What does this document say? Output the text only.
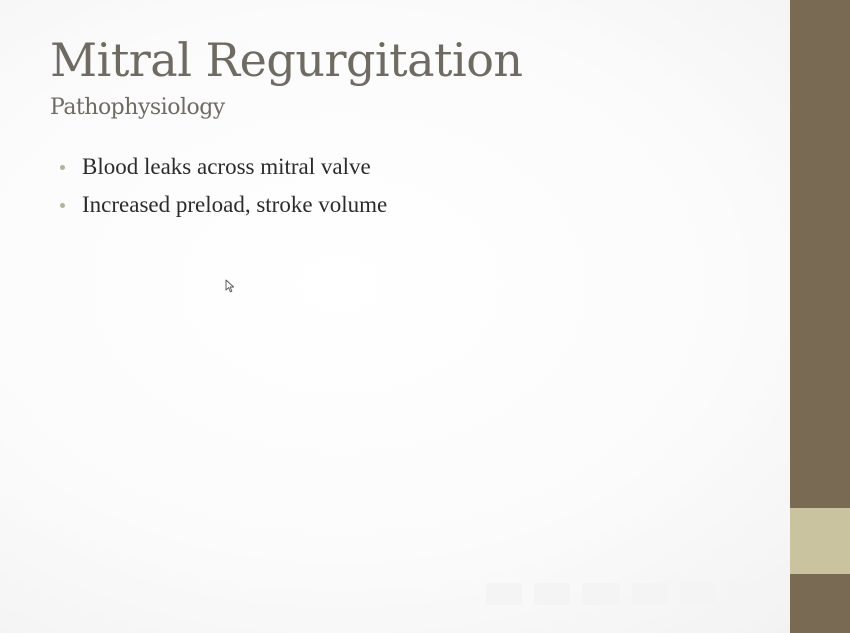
Mitral Regurgitation
Pathophysiology
Blood leaks across mitral valve
Increased preload, stroke volume
